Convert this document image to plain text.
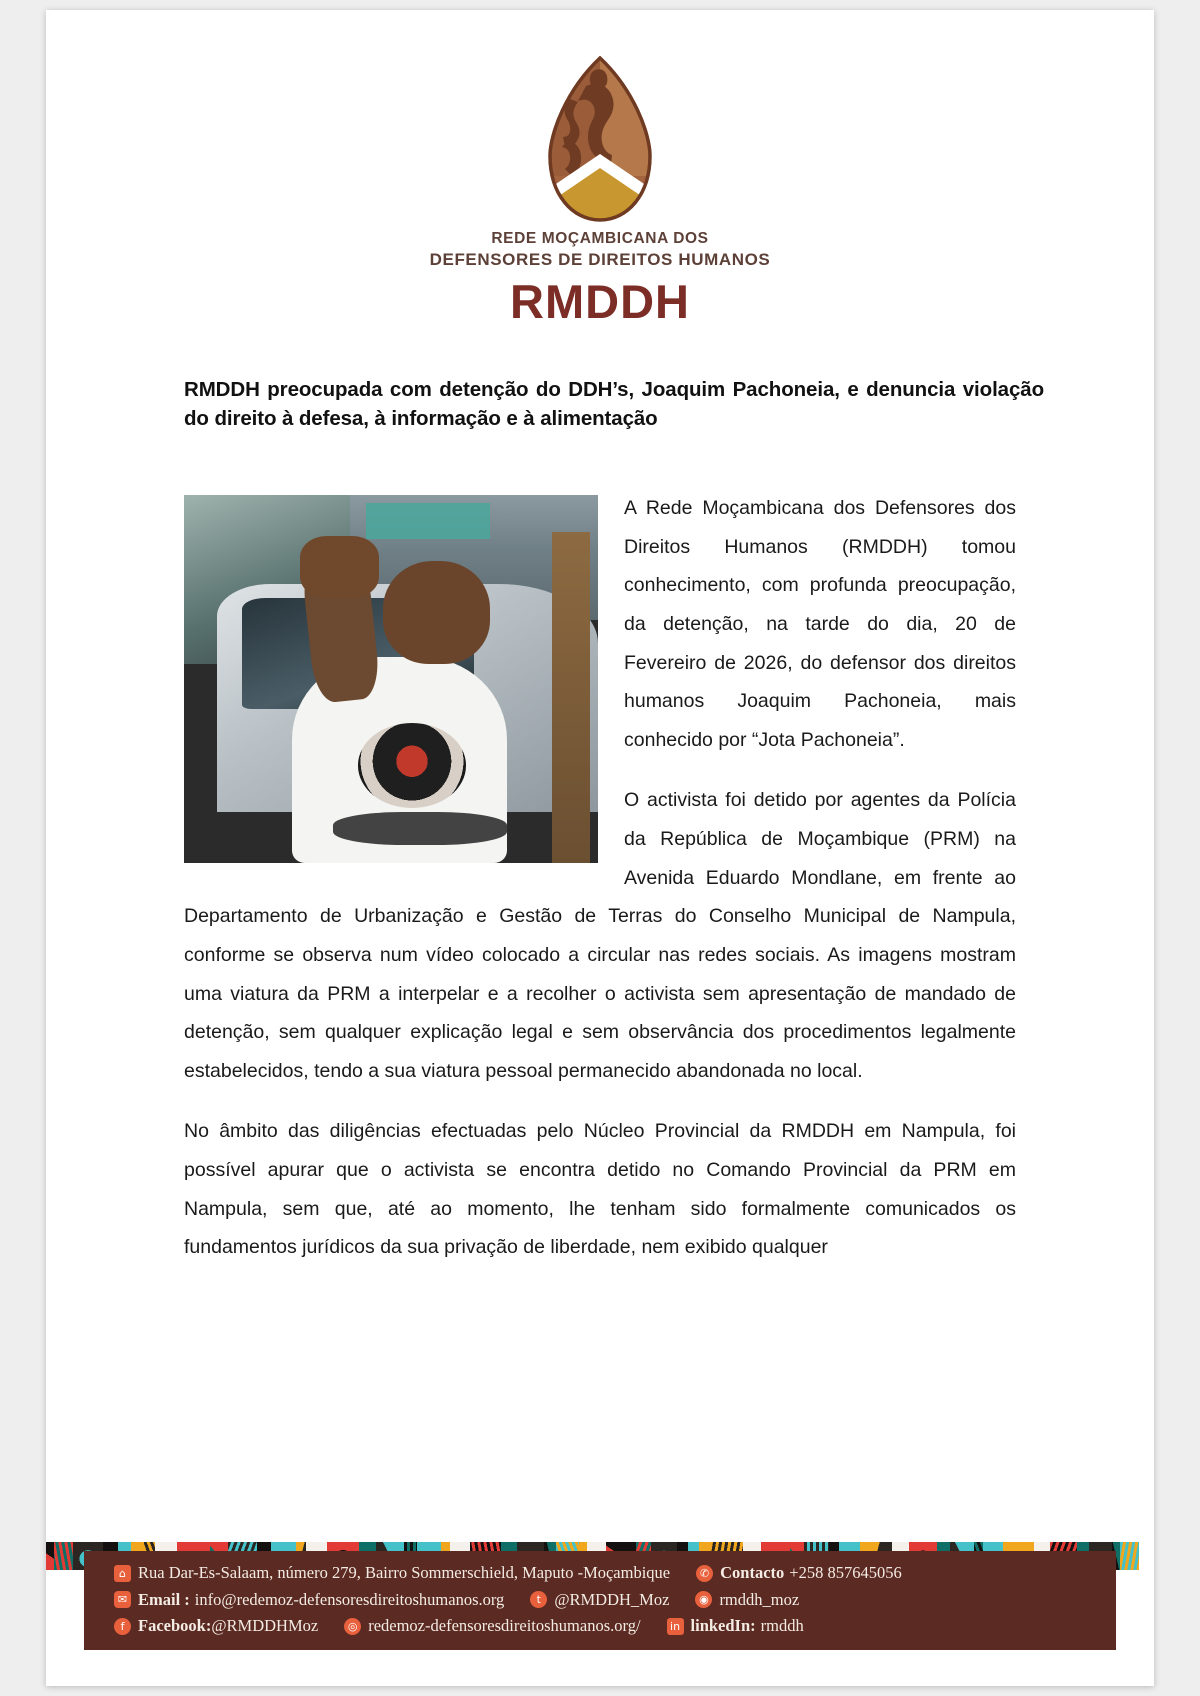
REDE MOÇAMBICANA DOS
DEFENSORES DE DIREITOS HUMANOS
RMDDH
RMDDH preocupada com detenção do DDH’s, Joaquim Pachoneia, e denuncia violação do direito à defesa, à informação e à alimentação

A Rede Moçambicana dos Defensores dos Direitos Humanos (RMDDH) tomou conhecimento, com profunda preocupação, da detenção, na tarde do dia, 20 de Fevereiro de 2026, do defensor dos direitos humanos Joaquim Pachoneia, mais conhecido por “Jota Pachoneia”.

O activista foi detido por agentes da Polícia da República de Moçambique (PRM) na Avenida Eduardo Mondlane, em frente ao Departamento de Urbanização e Gestão de Terras do Conselho Municipal de Nampula, conforme se observa num vídeo colocado a circular nas redes sociais. As imagens mostram uma viatura da PRM a interpelar e a recolher o activista sem apresentação de mandado de detenção, sem qualquer explicação legal e sem observância dos procedimentos legalmente estabelecidos, tendo a sua viatura pessoal permanecido abandonada no local.

No âmbito das diligências efectuadas pelo Núcleo Provincial da RMDDH em Nampula, foi possível apurar que o activista se encontra detido no Comando Provincial da PRM em Nampula, sem que, até ao momento, lhe tenham sido formalmente comunicados os fundamentos jurídicos da sua privação de liberdade, nem exibido qualquer

⌂ Rua Dar-Es-Salaam, número 279, Bairro Sommerschield, Maputo -Moçambique	✆ Contacto +258 857645056
✉ Email : info@redemoz-defensoresdireitoshumanos.org	t @RMDDH_Moz	◉ rmddh_moz
f Facebook: @RMDDHMoz	◎ redemoz-defensoresdireitoshumanos.org/	in linkedIn: rmddh
